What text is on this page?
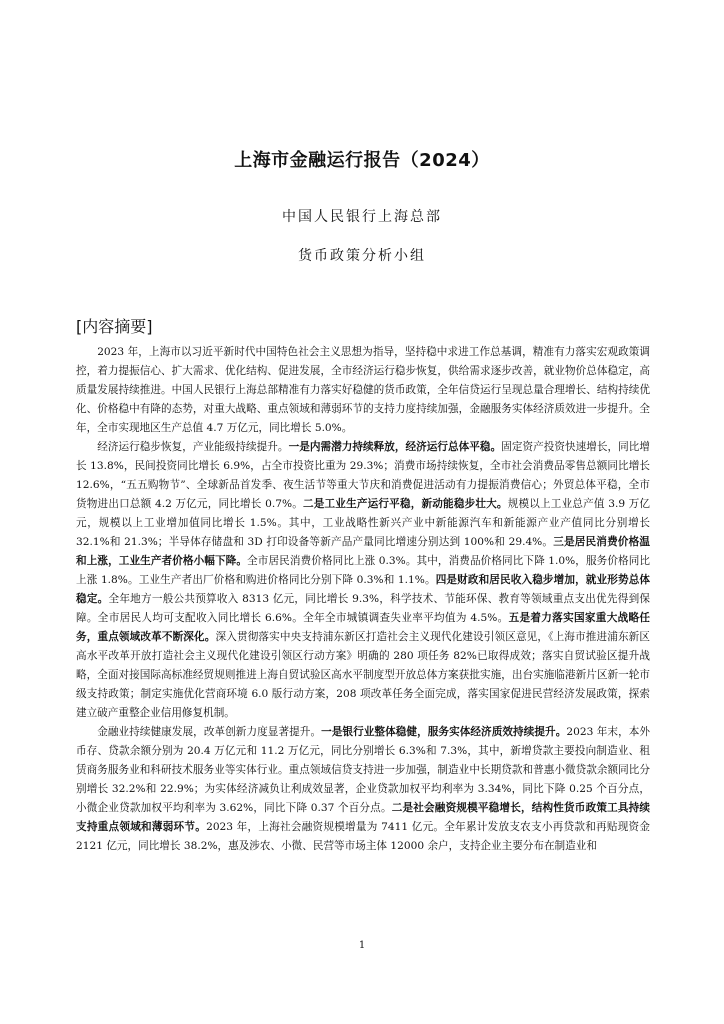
上海市金融运行报告（2024）
中国人民银行上海总部
货币政策分析小组
[内容摘要]

2023 年，上海市以习近平新时代中国特色社会主义思想为指导，坚持稳中求进工作总基调，精准有力落实宏观政策调控，着力提振信心、扩大需求、优化结构、促进发展，全市经济运行稳步恢复，供给需求逐步改善，就业物价总体稳定，高质量发展持续推进。中国人民银行上海总部精准有力落实好稳健的货币政策，全年信贷运行呈现总量合理增长、结构持续优化、价格稳中有降的态势，对重大战略、重点领域和薄弱环节的支持力度持续加强，金融服务实体经济质效进一步提升。全年，全市实现地区生产总值 4.7 万亿元，同比增长 5.0%。

经济运行稳步恢复，产业能级持续提升。一是内需潜力持续释放，经济运行总体平稳。固定资产投资快速增长，同比增长 13.8%，民间投资同比增长 6.9%，占全市投资比重为 29.3%；消费市场持续恢复，全市社会消费品零售总额同比增长 12.6%，“五五购物节”、全球新品首发季、夜生活节等重大节庆和消费促进活动有力提振消费信心；外贸总体平稳，全市货物进出口总额 4.2 万亿元，同比增长 0.7%。二是工业生产运行平稳，新动能稳步壮大。规模以上工业总产值 3.9 万亿元，规模以上工业增加值同比增长 1.5%。其中，工业战略性新兴产业中新能源汽车和新能源产业产值同比分别增长 32.1%和 21.3%；半导体存储盘和 3D 打印设备等新产品产量同比增速分别达到 100%和 29.4%。三是居民消费价格温和上涨，工业生产者价格小幅下降。全市居民消费价格同比上涨 0.3%。其中，消费品价格同比下降 1.0%，服务价格同比上涨 1.8%。工业生产者出厂价格和购进价格同比分别下降 0.3%和 1.1%。四是财政和居民收入稳步增加，就业形势总体稳定。全年地方一般公共预算收入 8313 亿元，同比增长 9.3%，科学技术、节能环保、教育等领域重点支出优先得到保障。全市居民人均可支配收入同比增长 6.6%。全年全市城镇调查失业率平均值为 4.5%。五是着力落实国家重大战略任务，重点领域改革不断深化。深入贯彻落实中央支持浦东新区打造社会主义现代化建设引领区意见，《上海市推进浦东新区高水平改革开放打造社会主义现代化建设引领区行动方案》明确的 280 项任务 82%已取得成效；落实自贸试验区提升战略，全面对接国际高标准经贸规则推进上海自贸试验区高水平制度型开放总体方案获批实施，出台实施临港新片区新一轮市级支持政策；制定实施优化营商环境 6.0 版行动方案，208 项改革任务全面完成，落实国家促进民营经济发展政策，探索建立破产重整企业信用修复机制。

金融业持续健康发展，改革创新力度显著提升。一是银行业整体稳健，服务实体经济质效持续提升。2023 年末，本外币存、贷款余额分别为 20.4 万亿元和 11.2 万亿元，同比分别增长 6.3%和 7.3%，其中，新增贷款主要投向制造业、租赁商务服务业和科研技术服务业等实体行业。重点领域信贷支持进一步加强，制造业中长期贷款和普惠小微贷款余额同比分别增长 32.2%和 22.9%；为实体经济减负让利成效显著，企业贷款加权平均利率为 3.34%，同比下降 0.25 个百分点，小微企业贷款加权平均利率为 3.62%，同比下降 0.37 个百分点。二是社会融资规模平稳增长，结构性货币政策工具持续支持重点领域和薄弱环节。2023 年，上海社会融资规模增量为 7411 亿元。全年累计发放支农支小再贷款和再贴现资金 2121 亿元，同比增长 38.2%，惠及涉农、小微、民营等市场主体 12000 余户，支持企业主要分布在制造业和

1
